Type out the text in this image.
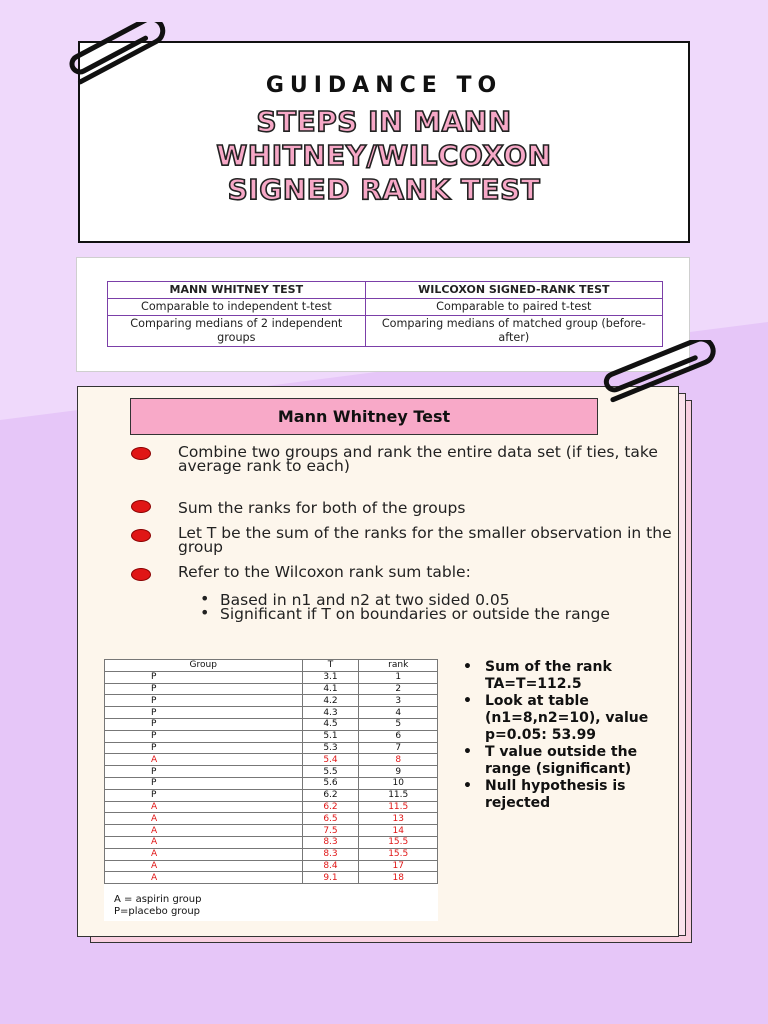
GUIDANCE TO
STEPS IN MANN
WHITNEY/WILCOXON
SIGNED RANK TEST
MANN WHITNEY TEST	WILCOXON SIGNED-RANK TEST
Comparable to independent t-test	Comparable to paired t-test
Comparing medians of 2 independent groups	Comparing medians of matched group (before-after)
Mann Whitney Test
Combine two groups and rank the entire data set (if ties, take average rank to each)
Sum the ranks for both of the groups
Let T be the sum of the ranks for the smaller observation in the group
Refer to the Wilcoxon rank sum table:
• Based in n1 and n2 at two sided 0.05
• Significant if T on boundaries or outside the range
Group	T	rank
P	3.1	1
P	4.1	2
P	4.2	3
P	4.3	4
P	4.5	5
P	5.1	6
P	5.3	7
A	5.4	8
P	5.5	9
P	5.6	10
P	6.2	11.5
A	6.2	11.5
A	6.5	13
A	7.5	14
A	8.3	15.5
A	8.3	15.5
A	8.4	17
A	9.1	18
A = aspirin group
P=placebo group
• Sum of the rank TA=T=112.5
• Look at table (n1=8,n2=10), value p=0.05: 53.99
• T value outside the range (significant)
• Null hypothesis is rejected
